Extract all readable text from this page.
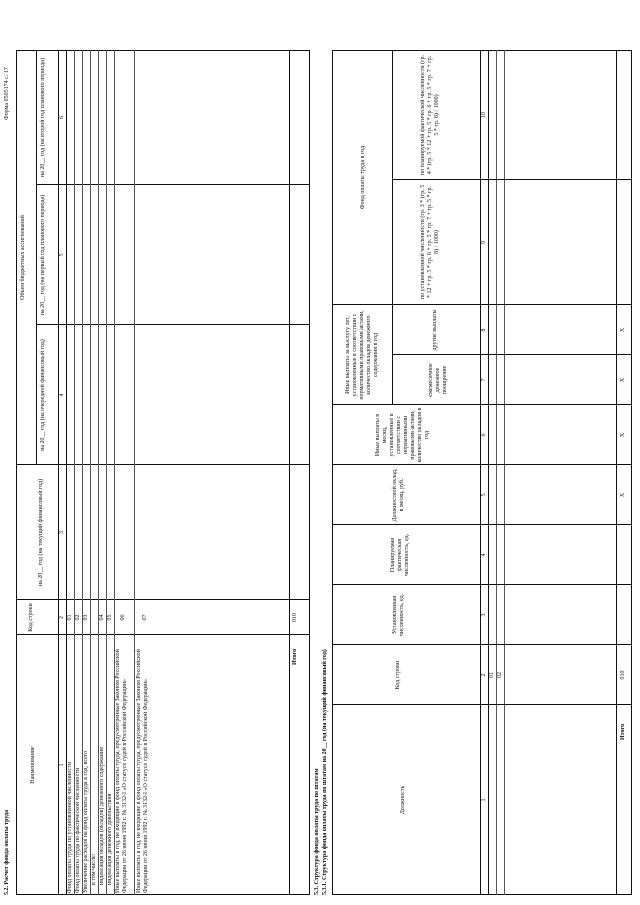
5.2. Расчет фонда оплаты труда
Форма 0505174 с. 17
Наименование
Код строки
Объем бюджетных ассигнований
на 20__ год (на текущий финансовый год)
на 20__ год (на очередной финансовый год)
на 20__ год (на первый год планового периода)
на 20__ год (на второй год планового периода)
1
2
3
4
5
6
Фонд оплаты труда по установленной численности
01
Фонд оплаты труда по фактической численности
02
Увеличение расходов на фонд оплаты труда в год, всего
03
в том числе: индексация окладов (окладов) денежного содержания
04
индексация денежного довольствия
05
Иные выплаты в год, не входящие в фонд оплаты труда, предусмотренные Законом Российской Федерации от 26 июня 1992 г. № 3132-I «О статусе судей в Российской Федерации»
06
Иные выплаты в год, не входящие в фонд оплаты труда, предусмотренные Законом Российской Федерации от 26 июня 1992 г. № 3132-I «О статусе судей в Российской Федерации»
07
Итого
010
5.3. Структура фонда оплаты труда по штатам 5.3.1. Структура фонда оплаты труда по штатам на 20__ год (на текущий финансовый год)	Должность
Код строки
Установленная численность, ед.
Планируемая фактическая численность, ед.
Должностной оклад, в месяц, руб.
Иные выплаты в месяц, установленные в соответствии с нормативными правовыми актами, количество окладов в год
Иные выплаты за выслугу лет, установленные в соответствии с нормативными правовыми актами, количество окладов денежного содержания в год
ежемесячное денежное поощрение
другие выплаты
Фонд оплаты труда в год
по установленной численности (гр. 3 * (гр. 5 * 12 + гр. 5 * гр. 6 + гр. 5 * гр. 7 + гр. 5 * гр. 8) / 1000)
по планируемой фактической численности (гр. 4 * (гр. 5 * 12 + гр. 5 * гр. 6 + гр. 5 * гр. 7 + гр. 5 * гр. 8) / 1000)
1
2
3
4
5
6
7
8
9
10
01 02
Итого
010
X
X
X
X
